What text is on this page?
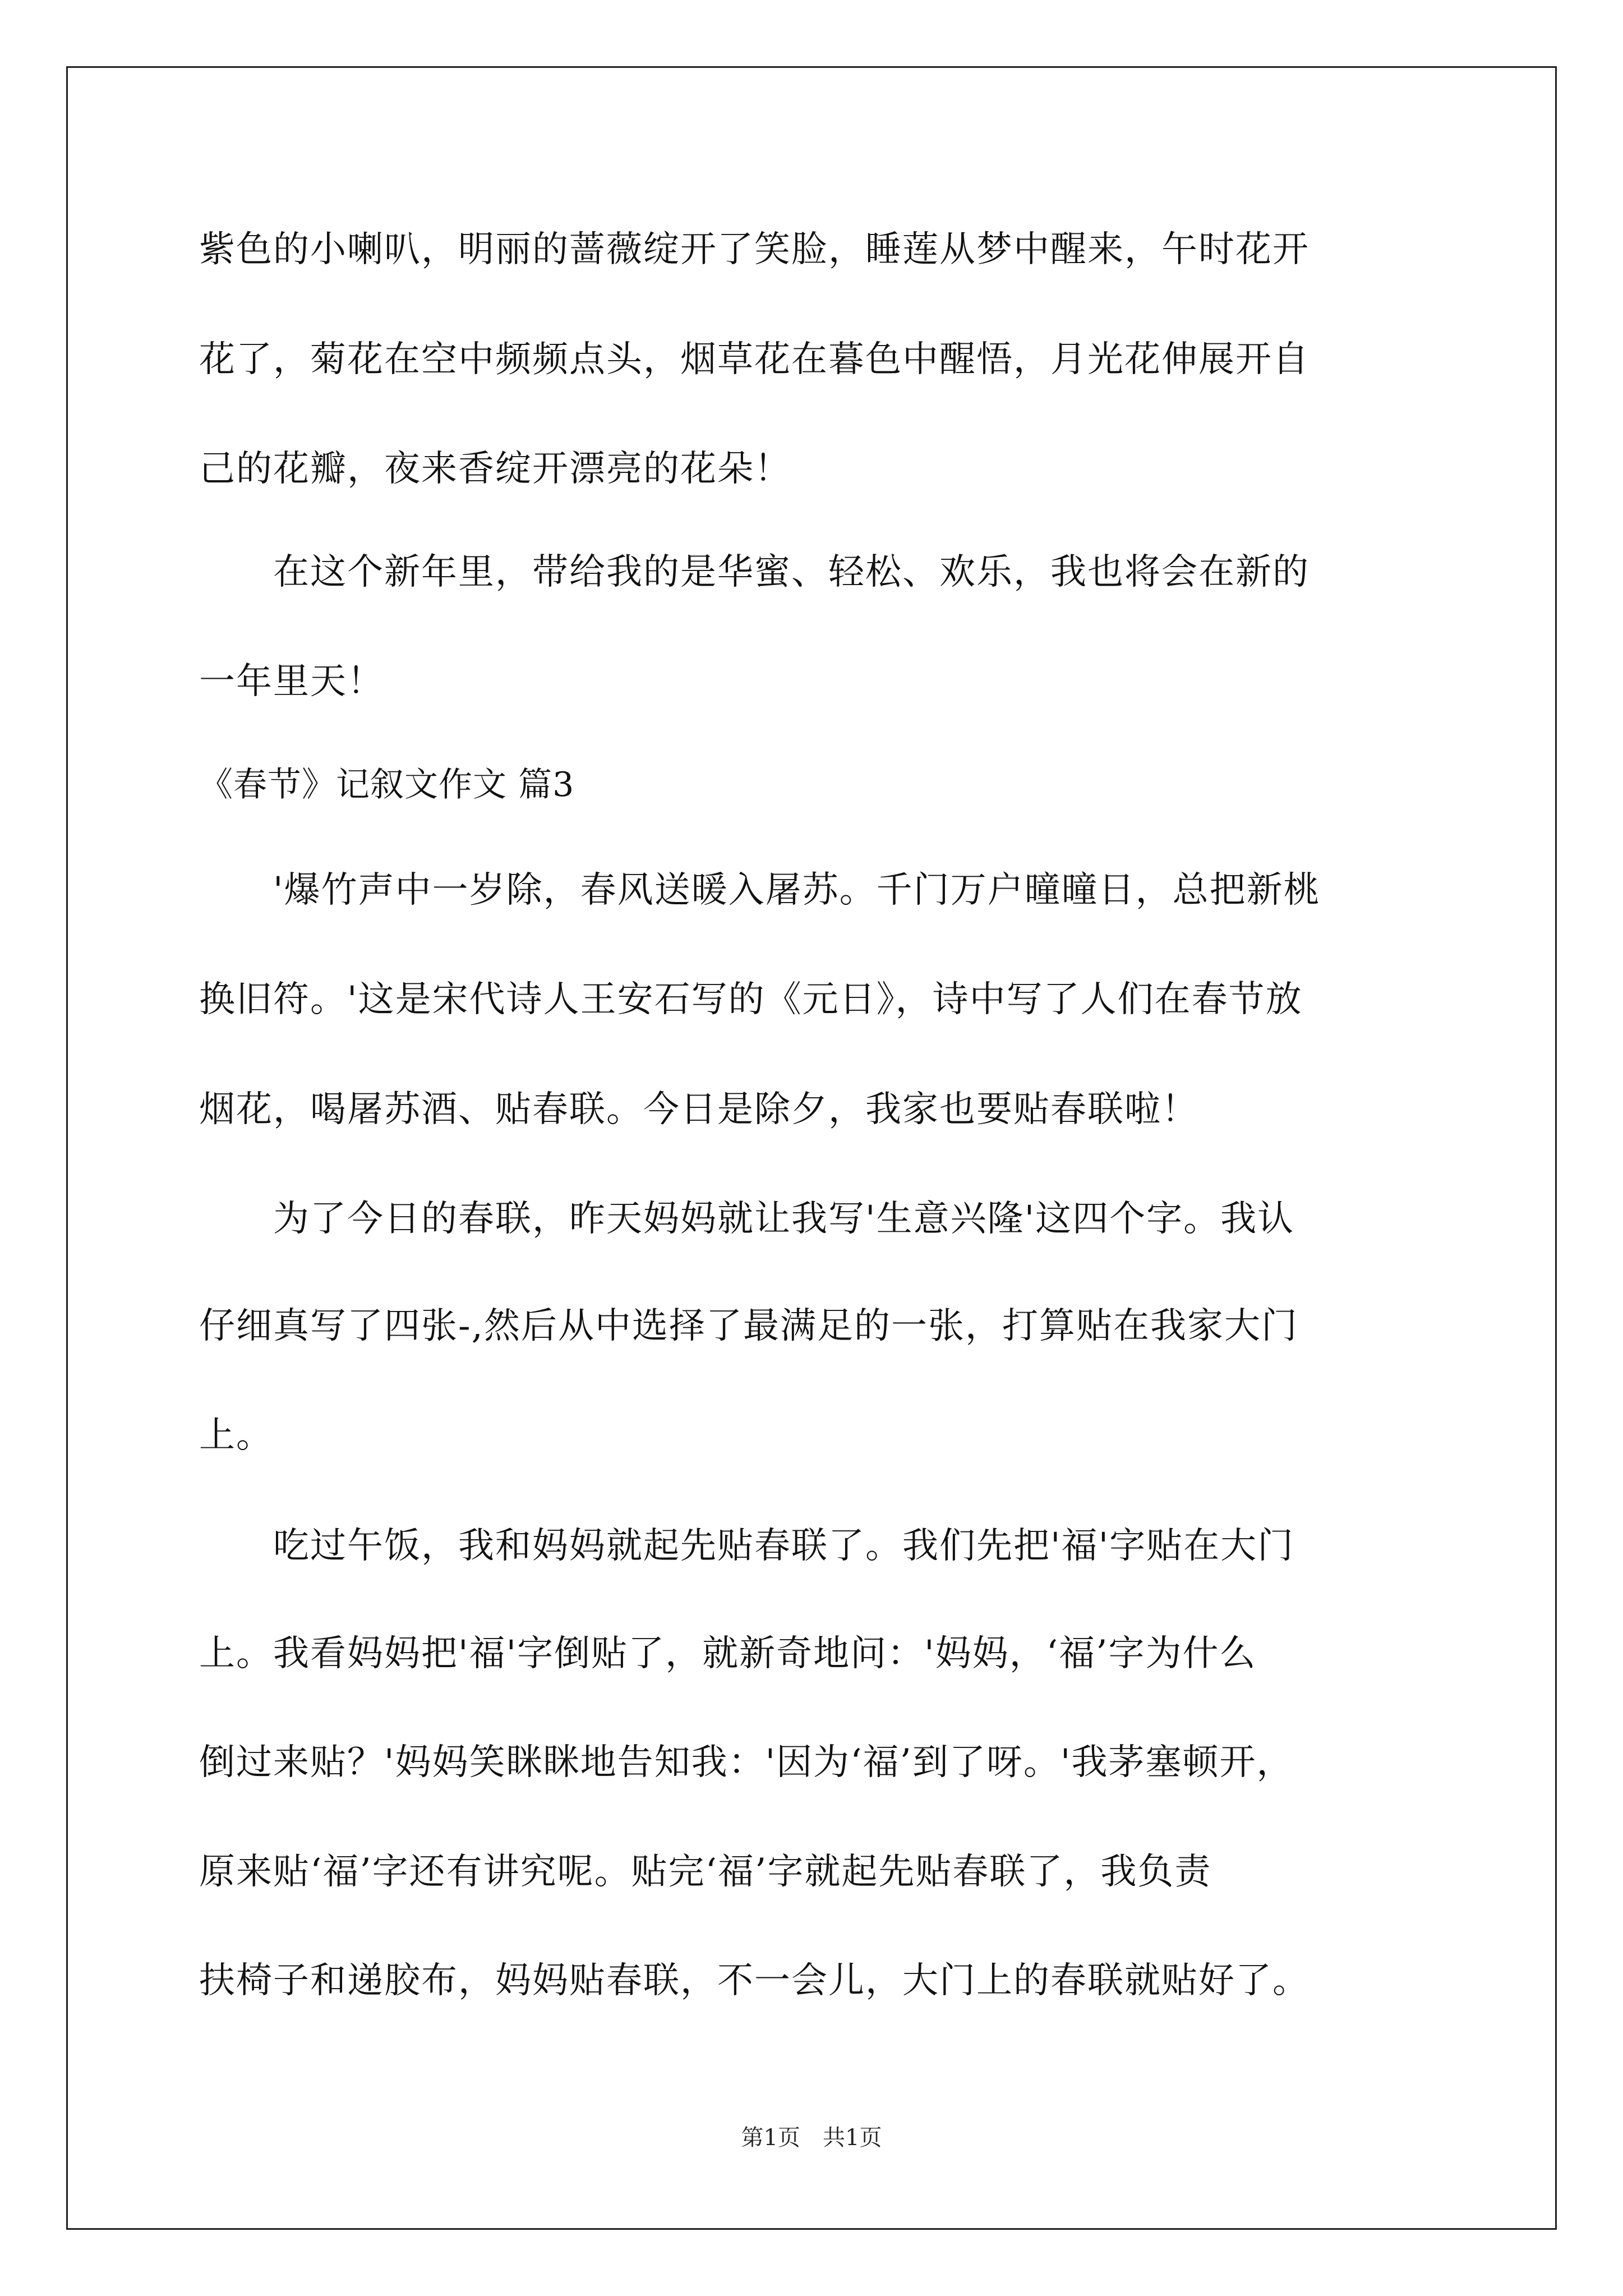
紫色的小喇叭，明丽的蔷薇绽开了笑脸，睡莲从梦中醒来，午时花开
花了，菊花在空中频频点头，烟草花在暮色中醒悟，月光花伸展开自
己的花瓣，夜来香绽开漂亮的花朵！
　　在这个新年里，带给我的是华蜜、轻松、欢乐，我也将会在新的
一年里天！
《春节》记叙文作文 篇3
　　'爆竹声中一岁除，春风送暖入屠苏。千门万户曈曈日，总把新桃
换旧符。'这是宋代诗人王安石写的《元日》，诗中写了人们在春节放
烟花，喝屠苏酒、贴春联。今日是除夕，我家也要贴春联啦！
　　为了今日的春联，昨天妈妈就让我写'生意兴隆'这四个字。我认
仔细真写了四张-,然后从中选择了最满足的一张，打算贴在我家大门
上。
　　吃过午饭，我和妈妈就起先贴春联了。我们先把'福'字贴在大门
上。我看妈妈把'福'字倒贴了，就新奇地问：'妈妈，‘福’字为什么
倒过来贴？'妈妈笑眯眯地告知我：'因为‘福’到了呀。'我茅塞顿开，
原来贴‘福’字还有讲究呢。贴完‘福’字就起先贴春联了，我负责
扶椅子和递胶布，妈妈贴春联，不一会儿，大门上的春联就贴好了。
第1页　共1页
